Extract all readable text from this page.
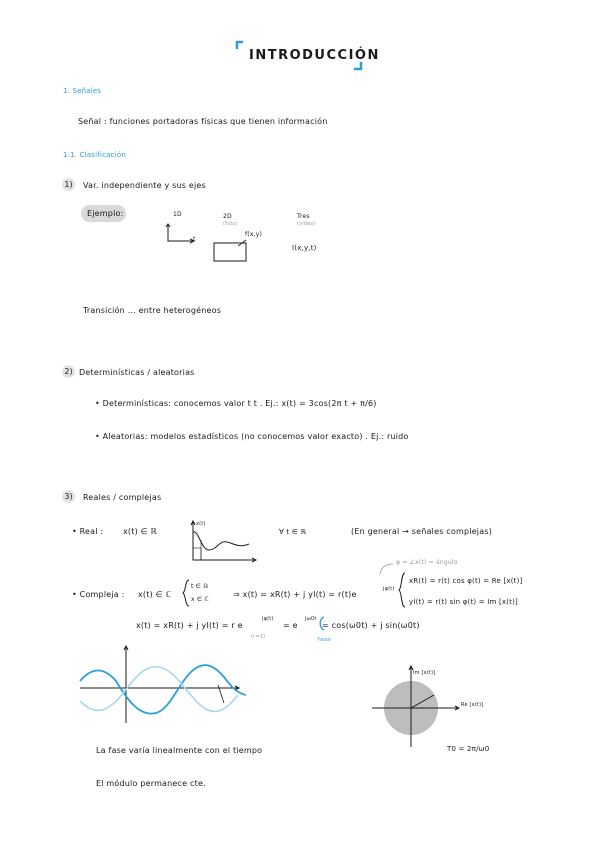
INTRODUCCIÓN
1. Señales
Señal : funciones portadoras físicas que tienen información
1.1. Clasificación
1) Var. independiente y sus ejes
Ejemplo:	1D	2D
(foto)
Tres
(vídeo)
t
f(x,y)
I(x,y,t)
Transición ... entre heterogéneos
2) Determinísticas / aleatorias
• Determinísticas: conocemos valor t t . Ej.: x(t) = 3cos(2π t + π/6)
• Aleatorias: modelos estadísticos (no conocemos valor exacto) . Ej.: ruido
3) Reales / complejas
• Real : x(t) ∈ ℝ
x(t)
∀ t ∈ ℝ	(En general → señales complejas)
φ = ∠x(t) = ángulo
• Compleja : x(t) ∈ ℂ
t ∈ ℝ
x ∈ ℂ
⇒ x(t) = xR(t) + j yI(t) = r(t)e
jφ(t)
xR(t) = r(t) cos φ(t) = Re [x(t)]
yI(t) = r(t) sin φ(t) = Im [x(t)]
x(t) = xR(t) + j yI(t) = r e
jφ(t)
= e
jω0t
= cos(ω0t) + j sin(ω0t)
(r=1)	fasor
Im [x(t)]
Re [x(t)]
T0 = 2π/ω0
La fase varía linealmente con el tiempo
El módulo permanece cte.
